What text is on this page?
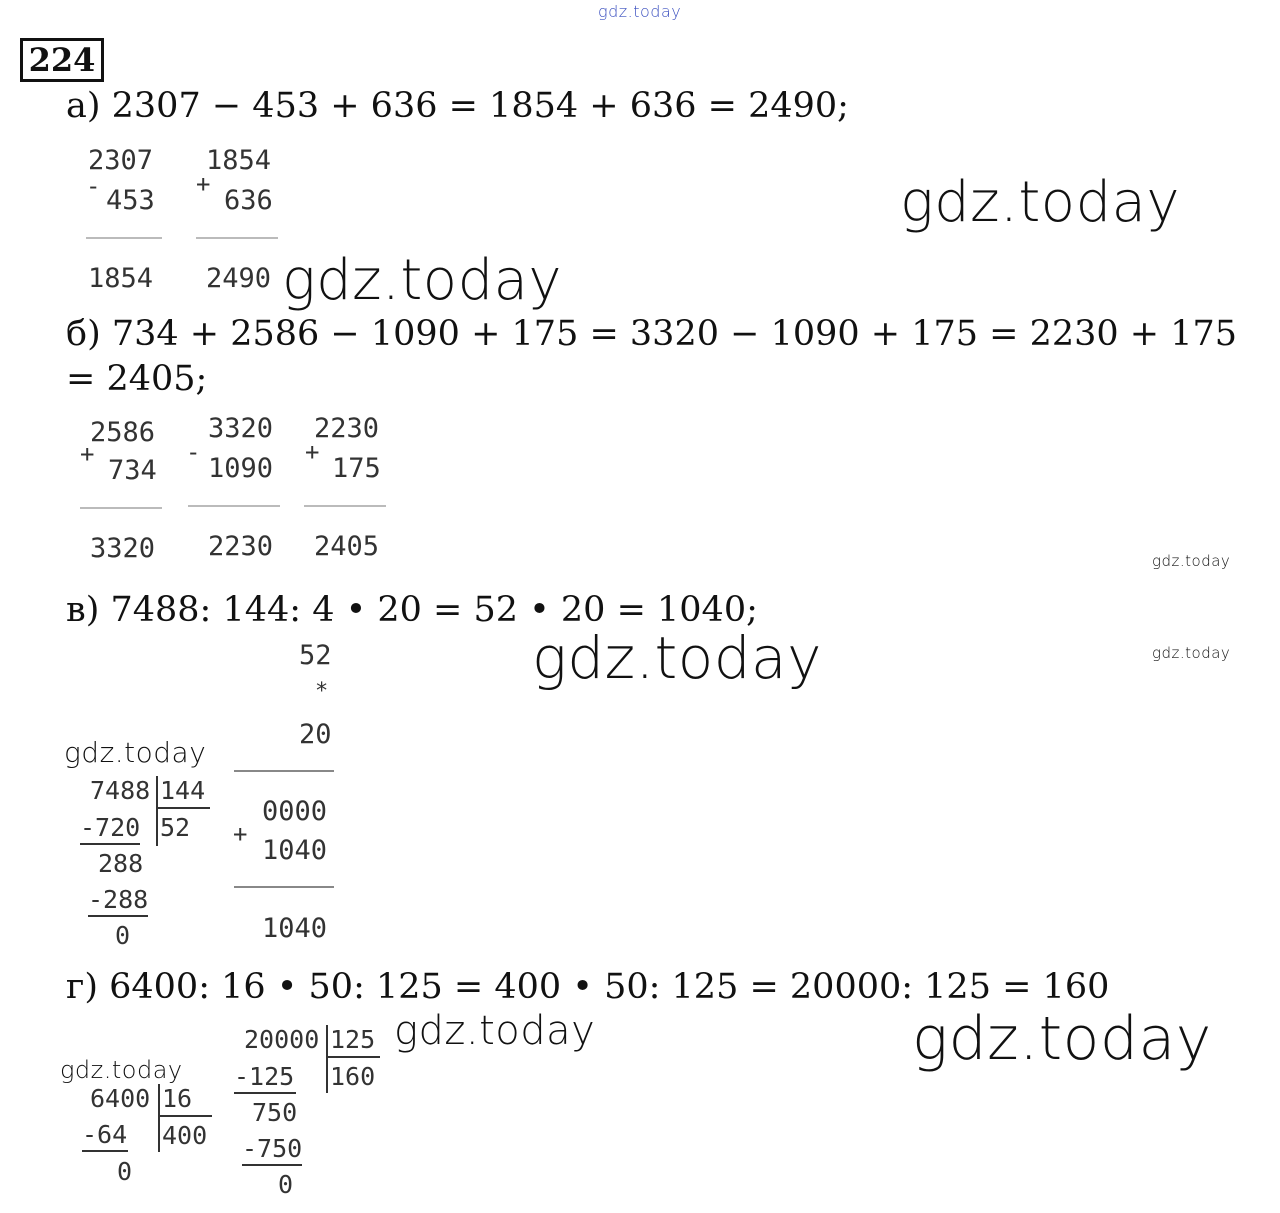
gdz.today
224
а) 2307 − 453 + 636 = 1854 + 636 = 2490;
2307
- 453
1854
1854
+
636
2490
gdz.today
gdz.today
б) 734 + 2586 − 1090 + 175 = 3320 − 1090 + 175 = 2230 + 175
= 2405;
2586
+
734
3320
3320
-
1090
2230
2230
+
175
2405	gdz.today
gdz.today
в) 7488: 144: 4 • 20 = 52 • 20 = 1040;
gdz.today
52
*
20
0000
+
1040
1040
gdz.today
7488 144
52
-720
288
-288
0
г) 6400: 16 • 50: 125 = 400 • 50: 125 = 20000: 125 = 160
gdz.today	gdz.today
gdz.today
6400 16
400
-64
0
20000 125
160
-125
750
-750
0
